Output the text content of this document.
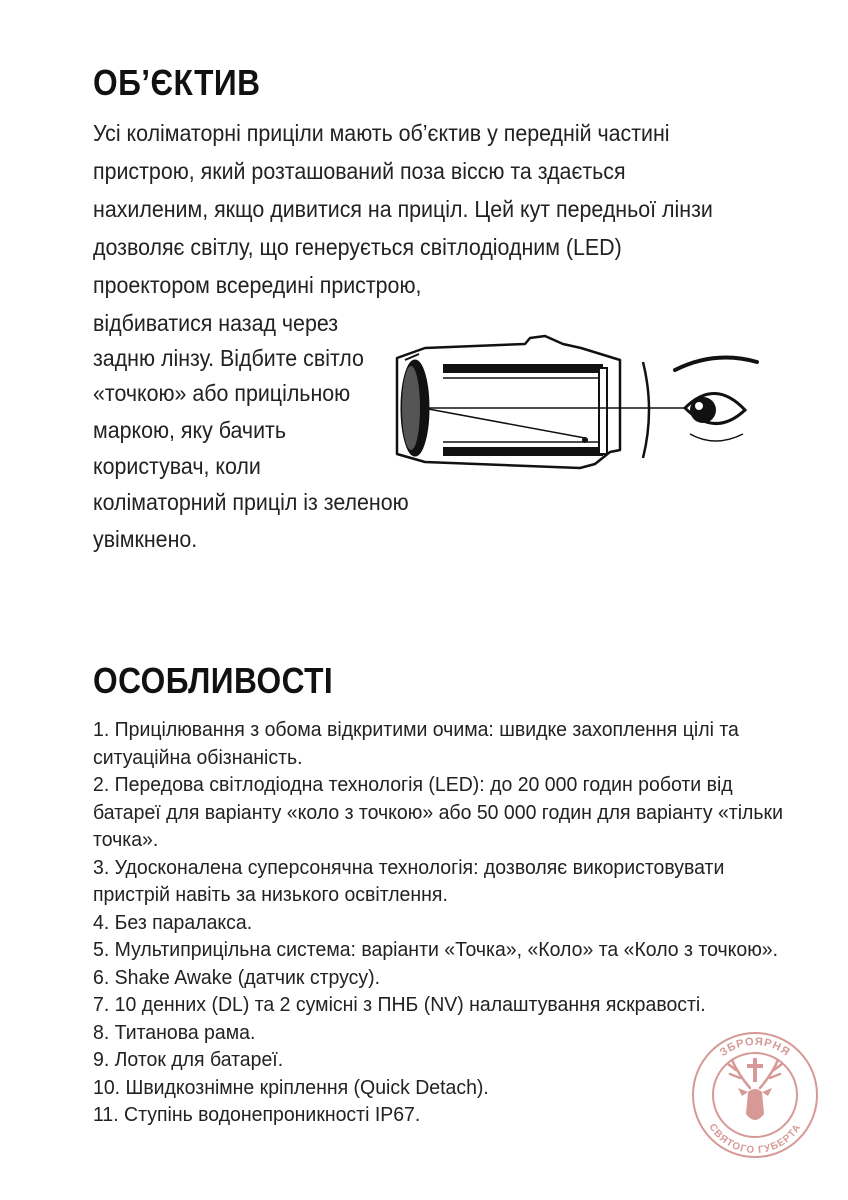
ОБ’ЄКТИВ
Усі коліматорні приціли мають об’єктив у передній частині
пристрою, який розташований поза віссю та здається
нахиленим, якщо дивитися на приціл. Цей кут передньої лінзи
дозволяє світлу, що генерується світлодіодним (LED)
проектором всередині пристрою,
відбиватися назад через
задню лінзу. Відбите світло
«точкою» або прицільною
маркою, яку бачить
користувач, коли
коліматорний приціл із зеленою
увімкнено.
ОСОБЛИВОСТІ
1. Прицілювання з обома відкритими очима: швидке захоплення цілі та ситуаційна обізнаність.
2. Передова світлодіодна технологія (LED): до 20 000 годин роботи від батареї для варіанту «коло з точкою» або 50 000 годин для варіанту «тільки точка».
3. Удосконалена суперсонячна технологія: дозволяє використовувати пристрій навіть за низького освітлення.
4. Без паралакса.
5. Мультиприцільна система: варіанти «Точка», «Коло» та «Коло з точкою».
6. Shake Awake (датчик струсу).
7. 10 денних (DL) та 2 сумісні з ПНБ (NV) налаштування яскравості.
8. Титанова рама.
9. Лоток для батареї.
10. Швидкознімне кріплення (Quick Detach).
11. Ступінь водонепроникності IP67.
ЗБРОЯРНЯ
СВЯТОГО ГУБЕРТА
